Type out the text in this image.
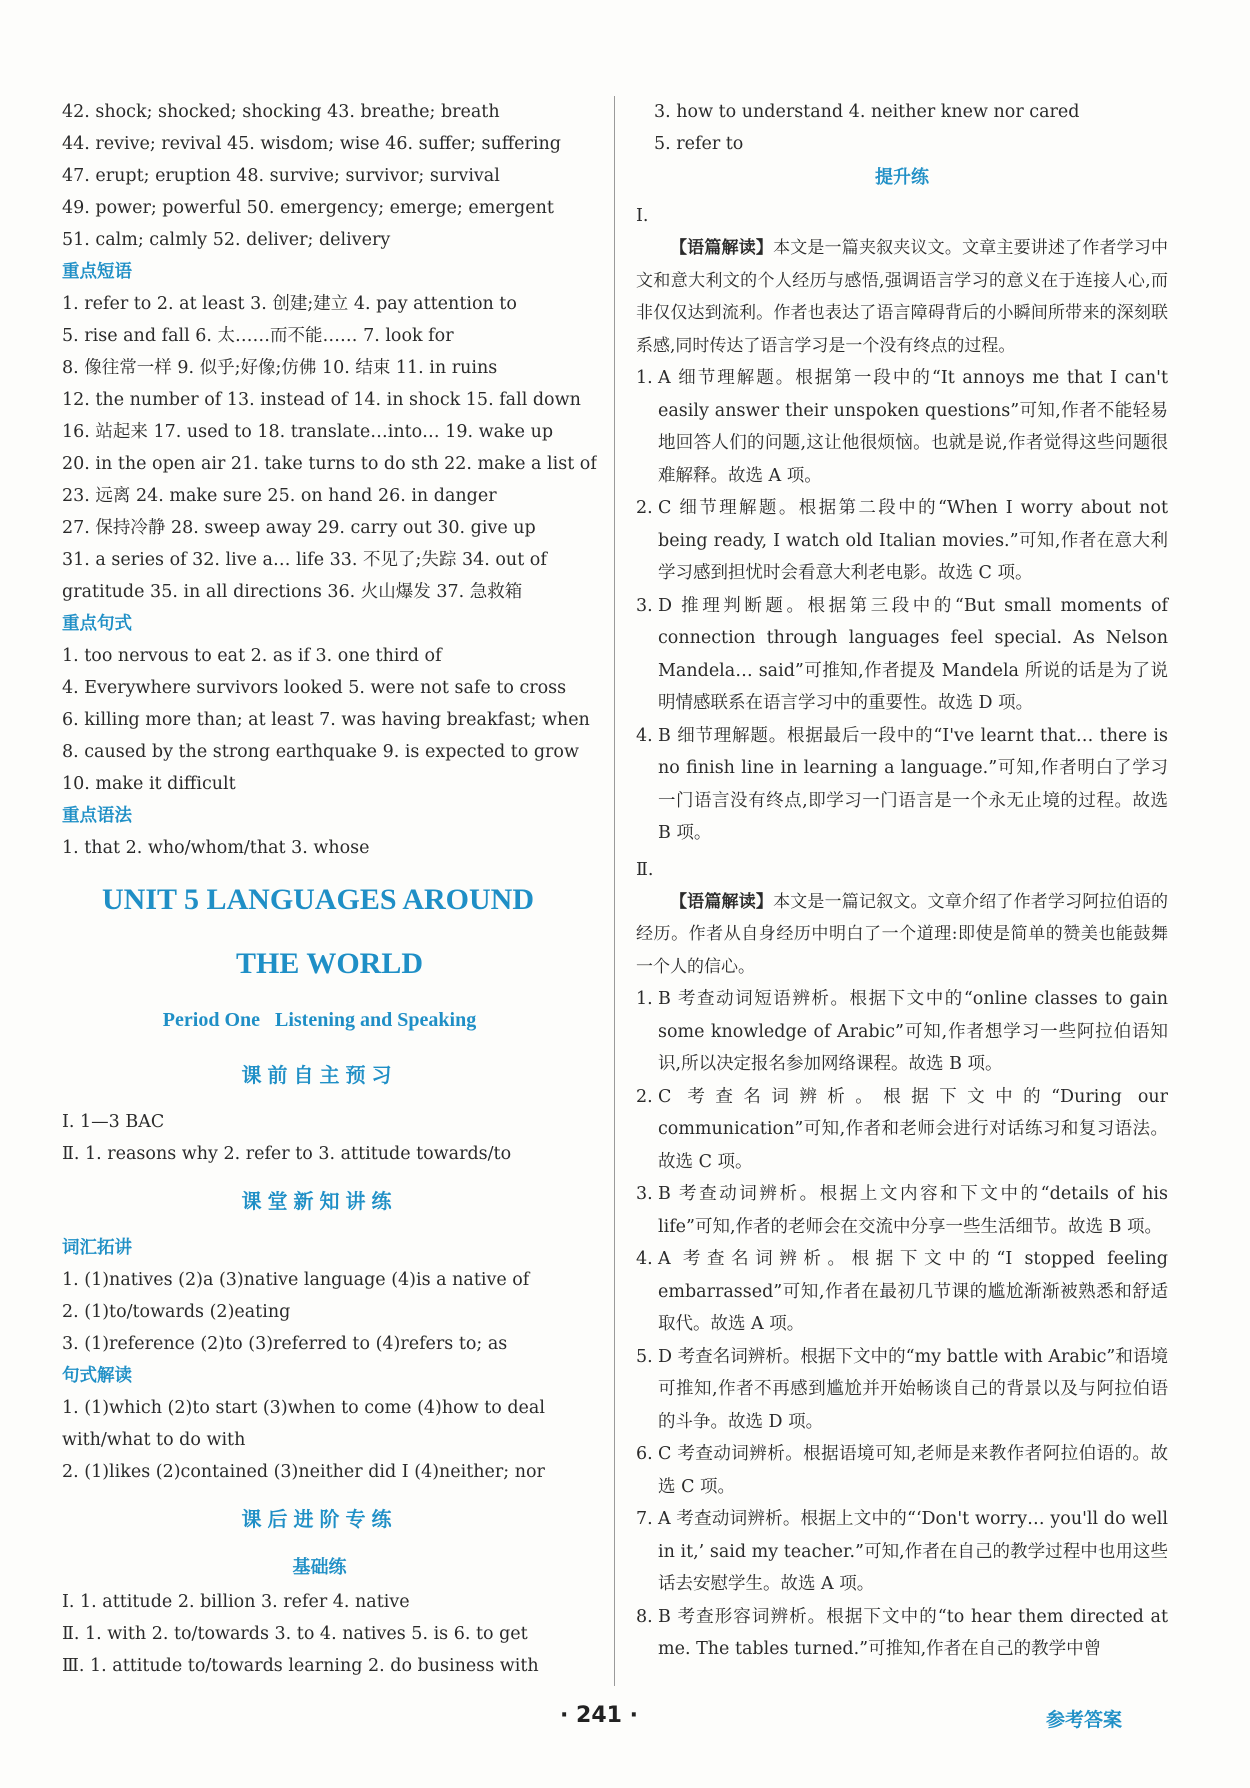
42. shock; shocked; shocking 43. breathe; breath
44. revive; revival 45. wisdom; wise 46. suffer; suffering
47. erupt; eruption 48. survive; survivor; survival
49. power; powerful 50. emergency; emerge; emergent
51. calm; calmly 52. deliver; delivery
重点短语
1. refer to 2. at least 3. 创建;建立 4. pay attention to
5. rise and fall 6. 太……而不能…… 7. look for
8. 像往常一样 9. 似乎;好像;仿佛 10. 结束 11. in ruins
12. the number of 13. instead of 14. in shock 15. fall down
16. 站起来 17. used to 18. translate…into… 19. wake up
20. in the open air 21. take turns to do sth 22. make a list of
23. 远离 24. make sure 25. on hand 26. in danger
27. 保持冷静 28. sweep away 29. carry out 30. give up
31. a series of 32. live a… life 33. 不见了;失踪 34. out of
gratitude 35. in all directions 36. 火山爆发 37. 急救箱
重点句式
1. too nervous to eat 2. as if 3. one third of
4. Everywhere survivors looked 5. were not safe to cross
6. killing more than; at least 7. was having breakfast; when
8. caused by the strong earthquake 9. is expected to grow
10. make it difficult
重点语法
1. that 2. who/whom/that 3. whose
UNIT 5 LANGUAGES AROUND
THE WORLD
Period One   Listening and Speaking
课前自主预习
Ⅰ. 1—3 BAC
Ⅱ. 1. reasons why 2. refer to 3. attitude towards/to
课堂新知讲练
词汇拓讲
1. (1)natives (2)a (3)native language (4)is a native of
2. (1)to/towards (2)eating
3. (1)reference (2)to (3)referred to (4)refers to; as
句式解读
1. (1)which (2)to start (3)when to come (4)how to deal
with/what to do with
2. (1)likes (2)contained (3)neither did I (4)neither; nor
课后进阶专练
基础练
Ⅰ. 1. attitude 2. billion 3. refer 4. native
Ⅱ. 1. with 2. to/towards 3. to 4. natives 5. is 6. to get
Ⅲ. 1. attitude to/towards learning 2. do business with
3. how to understand 4. neither knew nor cared
5. refer to
提升练
Ⅰ.
【语篇解读】本文是一篇夹叙夹议文。文章主要讲述了作者学习中文和意大利文的个人经历与感悟,强调语言学习的意义在于连接人心,而非仅仅达到流利。作者也表达了语言障碍背后的小瞬间所带来的深刻联系感,同时传达了语言学习是一个没有终点的过程。
1. A 细节理解题。根据第一段中的“It annoys me that I can't easily answer their unspoken questions”可知,作者不能轻易地回答人们的问题,这让他很烦恼。也就是说,作者觉得这些问题很难解释。故选 A 项。
2. C 细节理解题。根据第二段中的“When I worry about not being ready, I watch old Italian movies.”可知,作者在意大利学习感到担忧时会看意大利老电影。故选 C 项。
3. D 推理判断题。根据第三段中的“But small moments of connection through languages feel special. As Nelson Mandela… said”可推知,作者提及 Mandela 所说的话是为了说明情感联系在语言学习中的重要性。故选 D 项。
4. B 细节理解题。根据最后一段中的“I've learnt that… there is no finish line in learning a language.”可知,作者明白了学习一门语言没有终点,即学习一门语言是一个永无止境的过程。故选 B 项。
Ⅱ.
【语篇解读】本文是一篇记叙文。文章介绍了作者学习阿拉伯语的经历。作者从自身经历中明白了一个道理:即使是简单的赞美也能鼓舞一个人的信心。
1. B 考查动词短语辨析。根据下文中的“online classes to gain some knowledge of Arabic”可知,作者想学习一些阿拉伯语知识,所以决定报名参加网络课程。故选 B 项。
2. C 考查名词辨析。根据下文中的“During our communication”可知,作者和老师会进行对话练习和复习语法。故选 C 项。
3. B 考查动词辨析。根据上文内容和下文中的“details of his life”可知,作者的老师会在交流中分享一些生活细节。故选 B 项。
4. A 考查名词辨析。根据下文中的“I stopped feeling embarrassed”可知,作者在最初几节课的尴尬渐渐被熟悉和舒适取代。故选 A 项。
5. D 考查名词辨析。根据下文中的“my battle with Arabic”和语境可推知,作者不再感到尴尬并开始畅谈自己的背景以及与阿拉伯语的斗争。故选 D 项。
6. C 考查动词辨析。根据语境可知,老师是来教作者阿拉伯语的。故选 C 项。
7. A 考查动词辨析。根据上文中的“‘Don't worry… you'll do well in it,’ said my teacher.”可知,作者在自己的教学过程中也用这些话去安慰学生。故选 A 项。
8. B 考查形容词辨析。根据下文中的“to hear them directed at me. The tables turned.”可推知,作者在自己的教学中曾
· 241 ·	参考答案
